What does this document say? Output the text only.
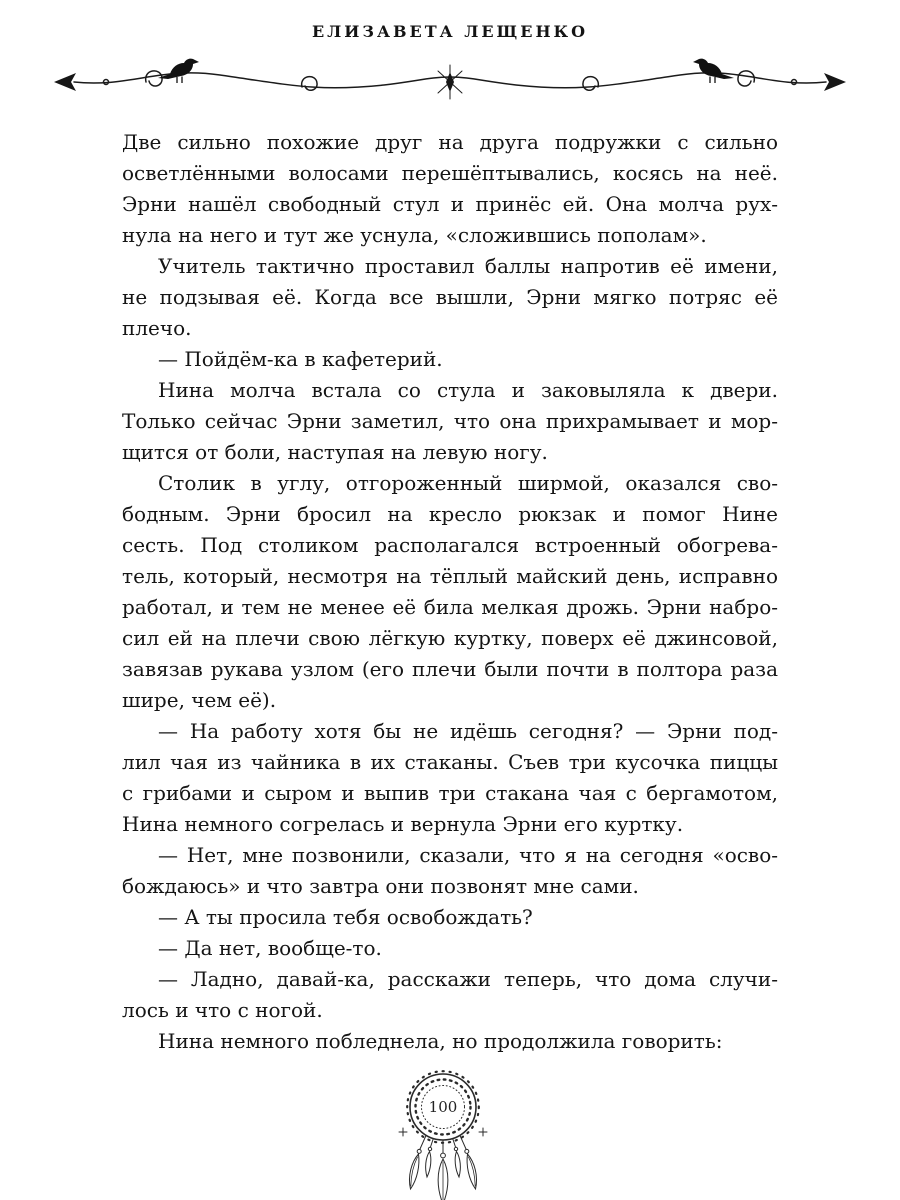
ЕЛИЗАВЕТА ЛЕЩЕНКО

Две сильно похожие друг на друга подружки с сильно
осветлёнными волосами перешёптывались, косясь на неё.
Эрни нашёл свободный стул и принёс ей. Она молча рух-
нула на него и тут же уснула, «сложившись пополам».

Учитель тактично проставил баллы напротив её имени,
не подзывая её. Когда все вышли, Эрни мягко потряс её плечо.

— Пойдём-ка в кафетерий.

Нина молча встала со стула и заковыляла к двери.
Только сейчас Эрни заметил, что она прихрамывает и мор-
щится от боли, наступая на левую ногу.

Столик в углу, отгороженный ширмой, оказался сво-
бодным. Эрни бросил на кресло рюкзак и помог Нине
сесть. Под столиком располагался встроенный обогрева-
тель, который, несмотря на тёплый майский день, исправно
работал, и тем не менее её била мелкая дрожь. Эрни набро-
сил ей на плечи свою лёгкую куртку, поверх её джинсовой,
завязав рукава узлом (его плечи были почти в полтора раза
шире, чем её).

— На работу хотя бы не идёшь сегодня? — Эрни под-
лил чая из чайника в их стаканы. Съев три кусочка пиццы
с грибами и сыром и выпив три стакана чая с бергамотом,
Нина немного согрелась и вернула Эрни его куртку.

— Нет, мне позвонили, сказали, что я на сегодня «осво-
бождаюсь» и что завтра они позвонят мне сами.

— А ты просила тебя освобождать?

— Да нет, вообще-то.

— Ладно, давай-ка, расскажи теперь, что дома случи-
лось и что с ногой.

Нина немного побледнела, но продолжила говорить:

100
